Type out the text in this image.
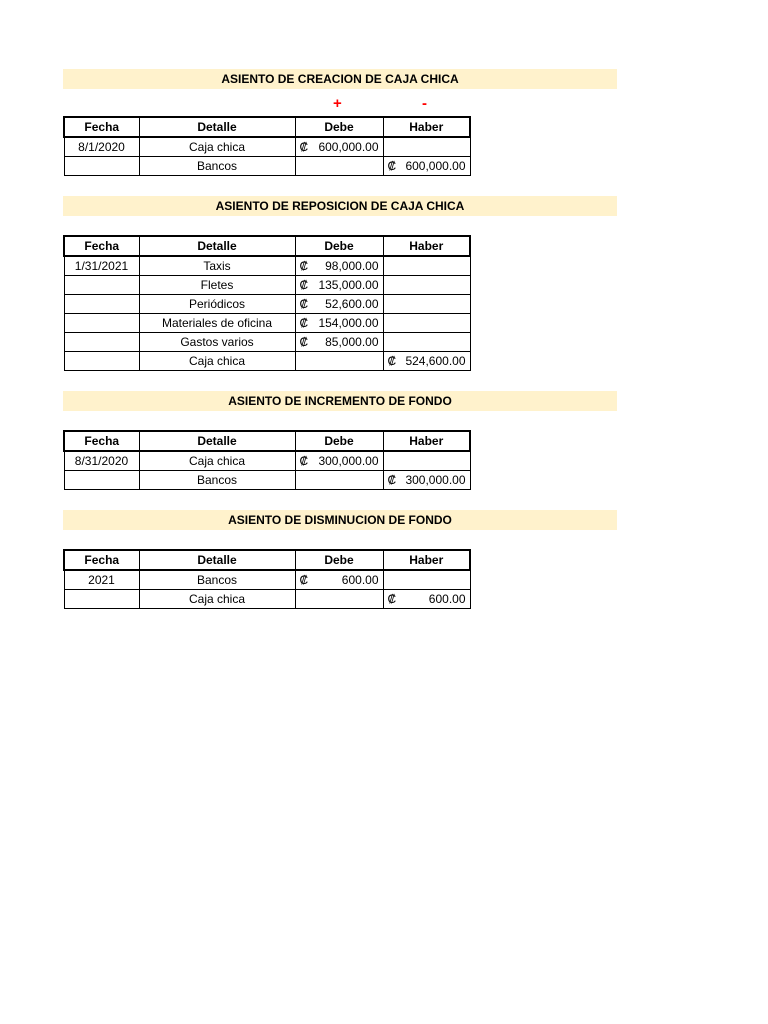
ASIENTO DE CREACION DE CAJA CHICA
+	-
Fecha	Detalle	Debe	Haber
8/1/2020	Caja chica	₡ 600,000.00	

	Bancos		₡ 600,000.00
ASIENTO DE REPOSICION DE CAJA CHICA
Fecha	Detalle	Debe	Haber
1/31/2021	Taxis	₡ 98,000.00	

	Fletes	₡ 135,000.00	

	Periódicos	₡ 52,600.00	

	Materiales de oficina	₡ 154,000.00	

	Gastos varios	₡ 85,000.00	

	Caja chica		₡ 524,600.00
ASIENTO DE INCREMENTO DE FONDO
Fecha	Detalle	Debe	Haber
8/31/2020	Caja chica	₡ 300,000.00	

	Bancos		₡ 300,000.00
ASIENTO DE DISMINUCION DE FONDO
Fecha	Detalle	Debe	Haber
2021	Bancos	₡ 600.00	

	Caja chica		₡ 600.00
